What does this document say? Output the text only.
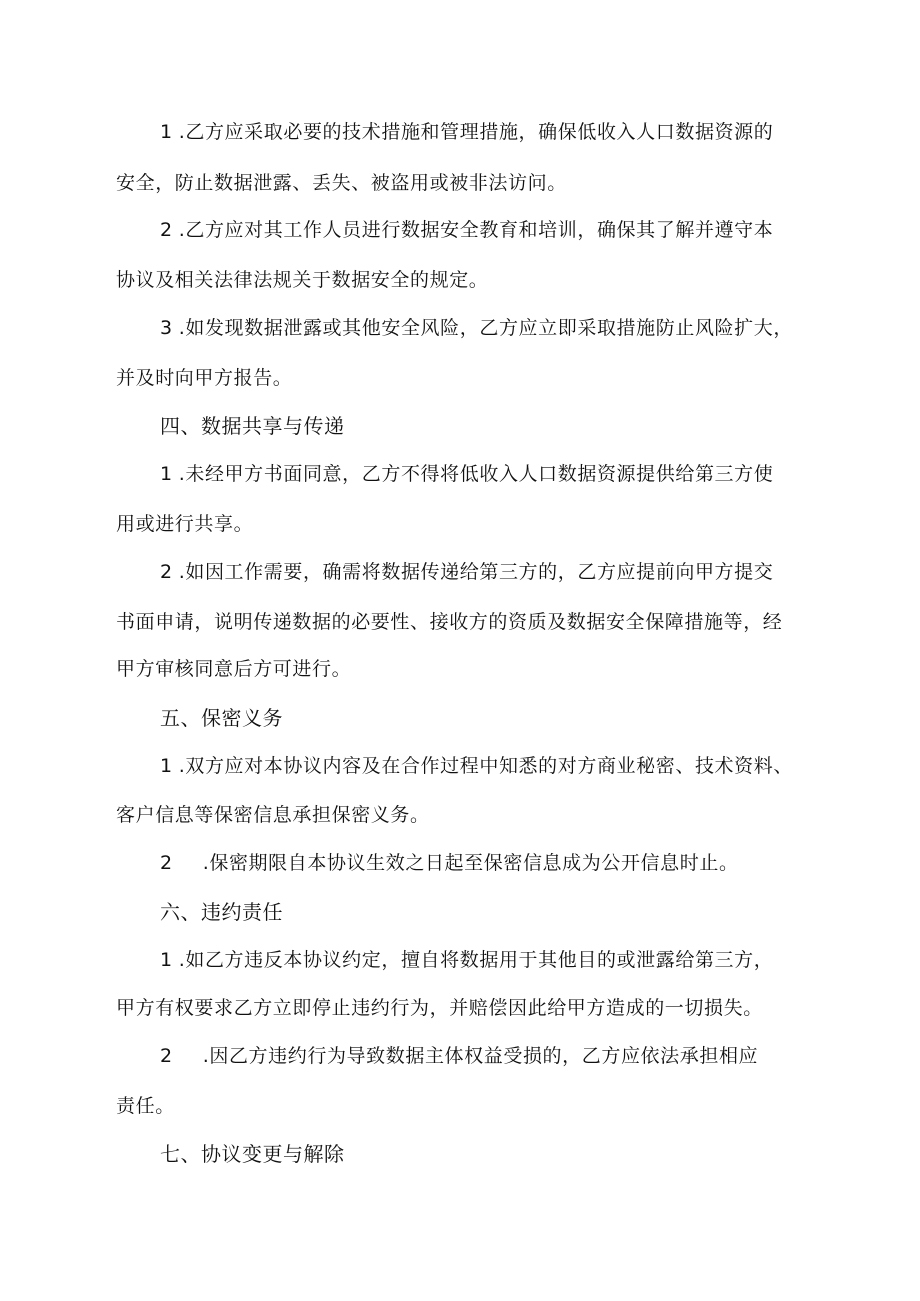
1 .乙方应采取必要的技术措施和管理措施，确保低收入人口数据资源的
安全，防止数据泄露、丢失、被盗用或被非法访问。
2 .乙方应对其工作人员进行数据安全教育和培训，确保其了解并遵守本
协议及相关法律法规关于数据安全的规定。
3 .如发现数据泄露或其他安全风险，乙方应立即采取措施防止风险扩大，
并及时向甲方报告。
四、数据共享与传递
1 .未经甲方书面同意，乙方不得将低收入人口数据资源提供给第三方使
用或进行共享。
2 .如因工作需要，确需将数据传递给第三方的，乙方应提前向甲方提交
书面申请，说明传递数据的必要性、接收方的资质及数据安全保障措施等，经
甲方审核同意后方可进行。
五、保密义务
1 .双方应对本协议内容及在合作过程中知悉的对方商业秘密、技术资料、
客户信息等保密信息承担保密义务。
2 .保密期限自本协议生效之日起至保密信息成为公开信息时止。
六、违约责任
1 .如乙方违反本协议约定，擅自将数据用于其他目的或泄露给第三方，
甲方有权要求乙方立即停止违约行为，并赔偿因此给甲方造成的一切损失。
2 .因乙方违约行为导致数据主体权益受损的，乙方应依法承担相应
责任。
七、协议变更与解除
